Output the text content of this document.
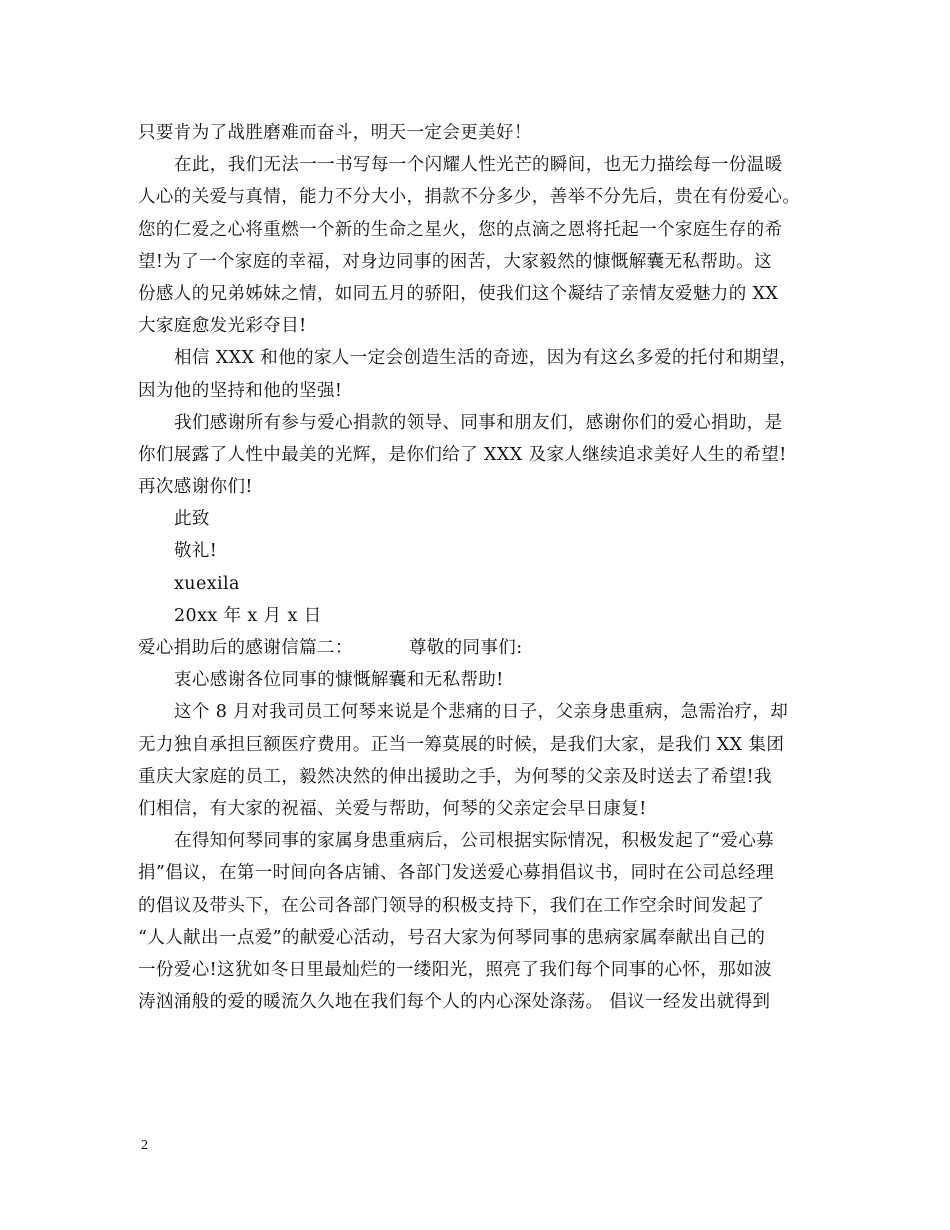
只要肯为了战胜磨难而奋斗，明天一定会更美好！
在此，我们无法一一书写每一个闪耀人性光芒的瞬间，也无力描绘每一份温暖
人心的关爱与真情，能力不分大小，捐款不分多少，善举不分先后，贵在有份爱心。
您的仁爱之心将重燃一个新的生命之星火，您的点滴之恩将托起一个家庭生存的希
望!为了一个家庭的幸福，对身边同事的困苦，大家毅然的慷慨解囊无私帮助。这
份感人的兄弟姊妹之情，如同五月的骄阳，使我们这个凝结了亲情友爱魅力的 XX
大家庭愈发光彩夺目!
相信 XXX 和他的家人一定会创造生活的奇迹，因为有这幺多爱的托付和期望，
因为他的坚持和他的坚强!
我们感谢所有参与爱心捐款的领导、同事和朋友们，感谢你们的爱心捐助，是
你们展露了人性中最美的光辉，是你们给了 XXX 及家人继续追求美好人生的希望!
再次感谢你们!
此致
敬礼!
xuexila
20xx 年 x 月 x 日
爱心捐助后的感谢信篇二：	尊敬的同事们:
衷心感谢各位同事的慷慨解囊和无私帮助!
这个 8 月对我司员工何琴来说是个悲痛的日子，父亲身患重病，急需治疗，却
无力独自承担巨额医疗费用。正当一筹莫展的时候，是我们大家，是我们 XX 集团
重庆大家庭的员工，毅然决然的伸出援助之手，为何琴的父亲及时送去了希望!我
们相信，有大家的祝福、关爱与帮助，何琴的父亲定会早日康复!
在得知何琴同事的家属身患重病后，公司根据实际情况，积极发起了“爱心募
捐”倡议，在第一时间向各店铺、各部门发送爱心募捐倡议书，同时在公司总经理
的倡议及带头下，在公司各部门领导的积极支持下，我们在工作空余时间发起了
“人人献出一点爱”的献爱心活动，号召大家为何琴同事的患病家属奉献出自己的
一份爱心!这犹如冬日里最灿烂的一缕阳光，照亮了我们每个同事的心怀，那如波
涛汹涌般的爱的暖流久久地在我们每个人的内心深处涤荡。 倡议一经发出就得到
2
